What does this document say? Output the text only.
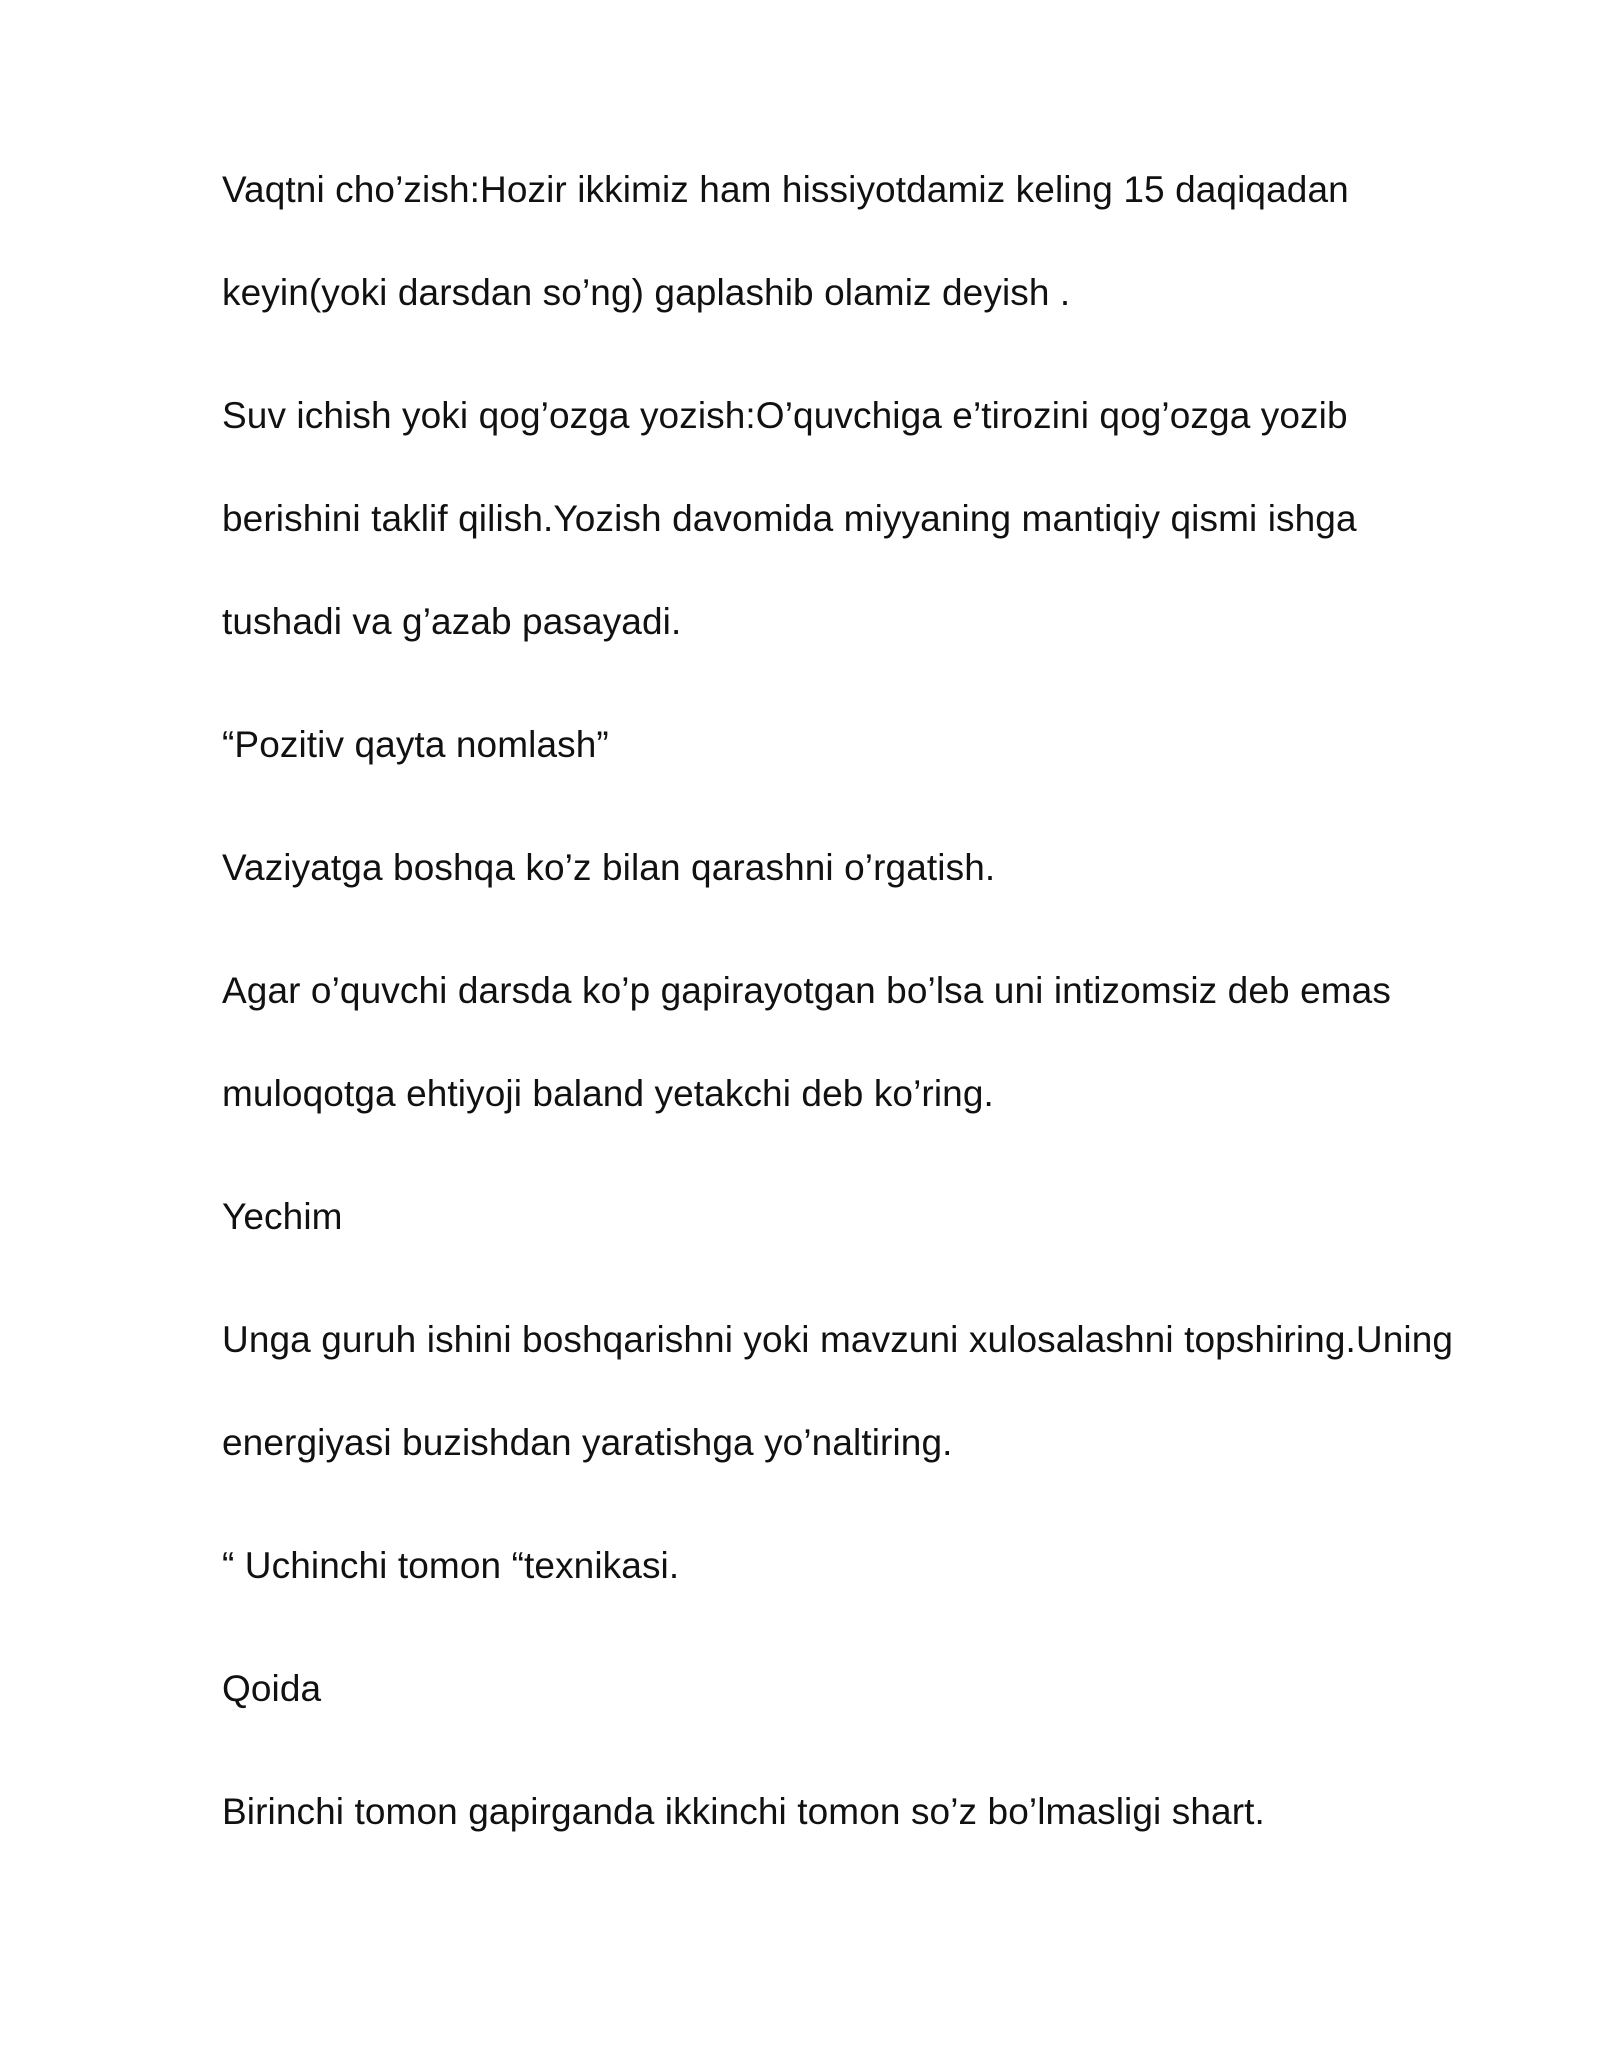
Vaqtni cho’zish:Hozir ikkimiz ham hissiyotdamiz keling 15 daqiqadan
keyin(yoki darsdan so’ng) gaplashib olamiz deyish .

Suv ichish yoki qog’ozga yozish:O’quvchiga e’tirozini qog’ozga yozib
berishini taklif qilish.Yozish davomida miyyaning mantiqiy qismi ishga
tushadi va g’azab pasayadi.

“Pozitiv qayta nomlash”

Vaziyatga boshqa ko’z bilan qarashni o’rgatish.

Agar o’quvchi darsda ko’p gapirayotgan bo’lsa uni intizomsiz deb emas
muloqotga ehtiyoji baland yetakchi deb ko’ring.

Yechim

Unga guruh ishini boshqarishni yoki mavzuni xulosalashni topshiring.Uning
energiyasi buzishdan yaratishga yo’naltiring.

“ Uchinchi tomon “texnikasi.

Qoida

Birinchi tomon gapirganda ikkinchi tomon so’z bo’lmasligi shart.
